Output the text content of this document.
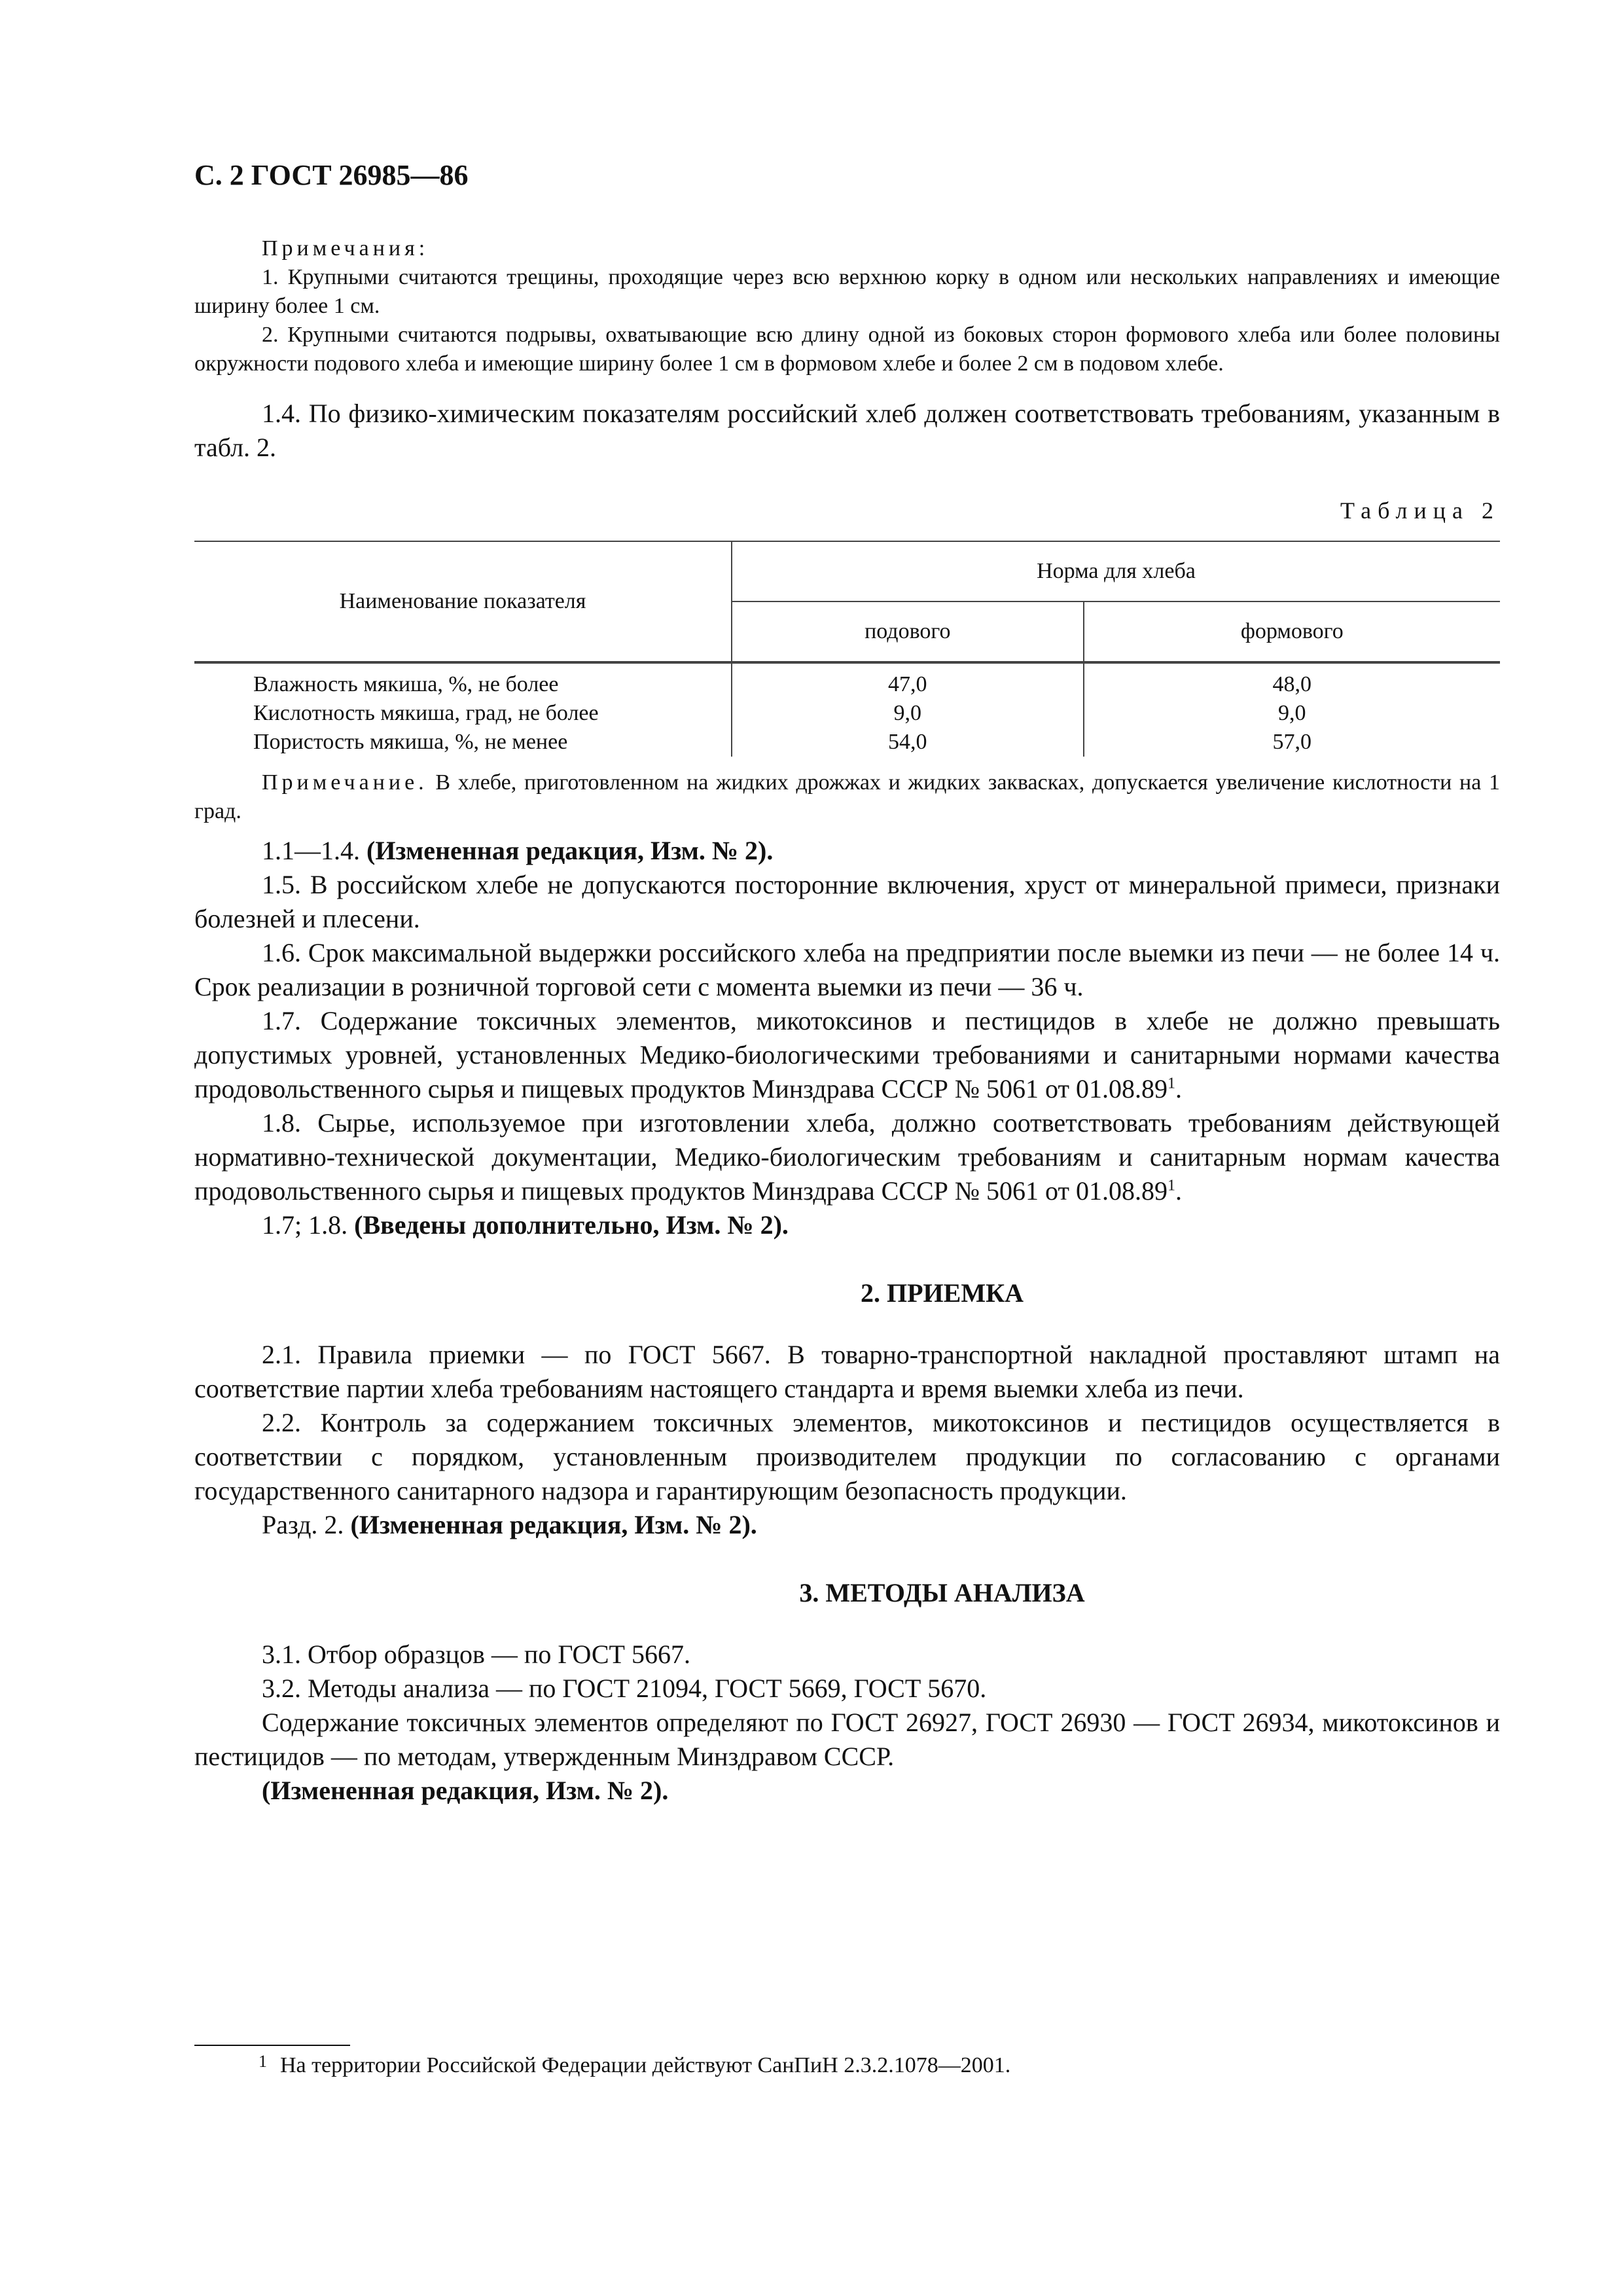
С. 2 ГОСТ 26985—86
Примечания:

1. Крупными считаются трещины, проходящие через всю верхнюю корку в одном или нескольких направлениях и имеющие ширину более 1 см.

2. Крупными считаются подрывы, охватывающие всю длину одной из боковых сторон формового хлеба или более половины окружности подового хлеба и имеющие ширину более 1 см в формовом хлебе и более 2 см в подовом хлебе.

1.4. По физико-химическим показателям российский хлеб должен соответствовать требованиям, указанным в табл. 2.

Таблица 2
Наименование показателя	Норма для хлеба	
	подового	формового
Влажность мякиша, %, не более	47,0	48,0
Кислотность мякиша, град, не более	9,0	9,0
Пористость мякиша, %, не менее	54,0	57,0

Примечание. В хлебе, приготовленном на жидких дрожжах и жидких заквасках, допускается увеличение кислотности на 1 град.

1.1—1.4. (Измененная редакция, Изм. № 2).

1.5. В российском хлебе не допускаются посторонние включения, хруст от минеральной примеси, признаки болезней и плесени.

1.6. Срок максимальной выдержки российского хлеба на предприятии после выемки из печи — не более 14 ч. Срок реализации в розничной торговой сети с момента выемки из печи — 36 ч.

1.7. Содержание токсичных элементов, микотоксинов и пестицидов в хлебе не должно превышать допустимых уровней, установленных Медико-биологическими требованиями и санитарными нормами качества продовольственного сырья и пищевых продуктов Минздрава СССР № 5061 от 01.08.89$^1$.

1.8. Сырье, используемое при изготовлении хлеба, должно соответствовать требованиям действующей нормативно-технической документации, Медико-биологическим требованиям и санитарным нормам качества продовольственного сырья и пищевых продуктов Минздрава СССР № 5061 от 01.08.89$^1$.

1.7; 1.8. (Введены дополнительно, Изм. № 2).

2. ПРИЕМКА

2.1. Правила приемки — по ГОСТ 5667. В товарно-транспортной накладной проставляют штамп на соответствие партии хлеба требованиям настоящего стандарта и время выемки хлеба из печи.

2.2. Контроль за содержанием токсичных элементов, микотоксинов и пестицидов осуществляется в соответствии с порядком, установленным производителем продукции по согласованию с органами государственного санитарного надзора и гарантирующим безопасность продукции.

Разд. 2. (Измененная редакция, Изм. № 2).

3. МЕТОДЫ АНАЛИЗА

3.1. Отбор образцов — по ГОСТ 5667.

3.2. Методы анализа — по ГОСТ 21094, ГОСТ 5669, ГОСТ 5670.

Содержание токсичных элементов определяют по ГОСТ 26927, ГОСТ 26930 — ГОСТ 26934, микотоксинов и пестицидов — по методам, утвержденным Минздравом СССР.

(Измененная редакция, Изм. № 2).

$^1$ На территории Российской Федерации действуют СанПиН 2.3.2.1078—2001.
